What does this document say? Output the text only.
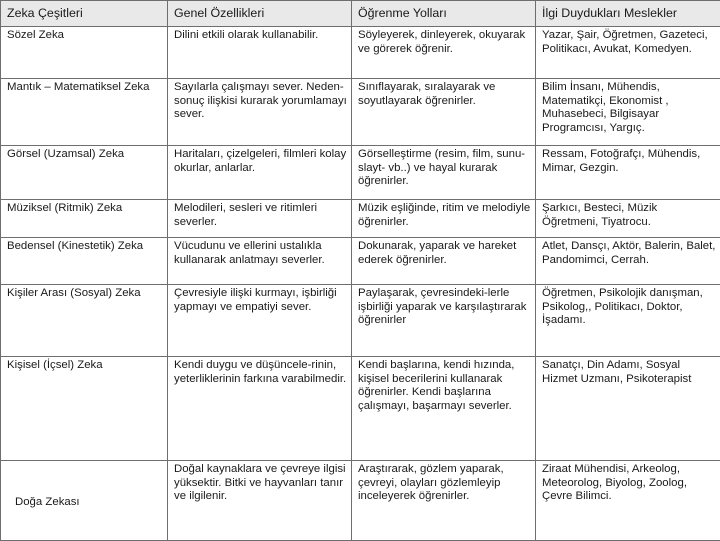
Zeka Çeşitleri	Genel Özellikleri	Öğrenme Yolları	İlgi Duydukları Meslekler
Sözel Zeka	Dilini etkili olarak kullanabilir.	Söyleyerek, dinleyerek, okuyarak ve görerek öğrenir.	Yazar, Şair, Öğretmen, Gazeteci, Politikacı, Avukat, Komedyen.
Mantık – Matematiksel Zeka	Sayılarla çalışmayı sever. Neden-sonuç ilişkisi kurarak yorumlamayı sever.	Sınıflayarak, sıralayarak ve soyutlayarak öğrenirler.	Bilim İnsanı, Mühendis, Matematikçi, Ekonomist , Muhasebeci, Bilgisayar Programcısı, Yargıç.
Görsel (Uzamsal) Zeka	Haritaları, çizelgeleri, filmleri kolay okurlar, anlarlar.	Görselleştirme (resim, film, sunu-slayt- vb..) ve hayal kurarak öğrenirler.	Ressam, Fotoğrafçı, Mühendis, Mimar, Gezgin.
Müziksel (Ritmik) Zeka	Melodileri, sesleri ve ritimleri severler.	Müzik eşliğinde, ritim ve melodiyle öğrenirler.	Şarkıcı, Besteci, Müzik Öğretmeni, Tiyatrocu.
Bedensel (Kinestetik) Zeka	Vücudunu ve ellerini ustalıkla kullanarak anlatmayı severler.	Dokunarak, yaparak ve hareket ederek öğrenirler.	Atlet, Dansçı, Aktör, Balerin, Balet, Pandomimci, Cerrah.
Kişiler Arası (Sosyal) Zeka	Çevresiyle ilişki kurmayı, işbirliği yapmayı ve empatiyi sever.	Paylaşarak, çevresindeki-lerle işbirliği yaparak ve karşılaştırarak öğrenirler	Öğretmen, Psikolojik danışman, Psikolog,, Politikacı, Doktor, İşadamı.
Kişisel (İçsel) Zeka	Kendi duygu ve düşüncele-rinin, yeterliklerinin farkına varabilmedir.	Kendi başlarına, kendi hızında, kişisel becerilerini kullanarak öğrenirler. Kendi başlarına çalışmayı, başarmayı severler.	Sanatçı, Din Adamı, Sosyal Hizmet Uzmanı, Psikoterapist
Doğa Zekası	Doğal kaynaklara ve çevreye ilgisi yüksektir. Bitki ve hayvanları tanır ve ilgilenir.	Araştırarak, gözlem yaparak, çevreyi, olayları gözlemleyip inceleyerek öğrenirler.	Ziraat Mühendisi, Arkeolog, Meteorolog, Biyolog, Zoolog, Çevre Bilimci.
